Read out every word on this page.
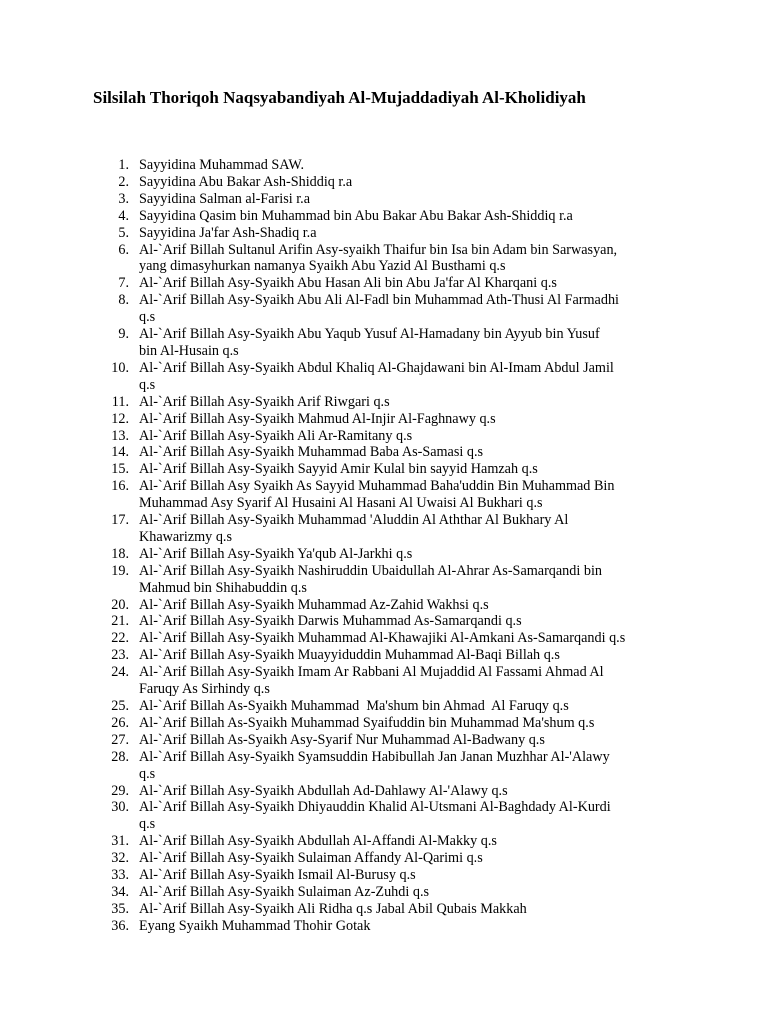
Silsilah Thoriqoh Naqsyabandiyah Al-Mujaddadiyah Al-Kholidiyah
1. Sayyidina Muhammad SAW.
2. Sayyidina Abu Bakar Ash-Shiddiq r.a
3. Sayyidina Salman al-Farisi r.a
4. Sayyidina Qasim bin Muhammad bin Abu Bakar Abu Bakar Ash-Shiddiq r.a
5. Sayyidina Ja'far Ash-Shadiq r.a
6. Al-`Arif Billah Sultanul Arifin Asy-syaikh Thaifur bin Isa bin Adam bin Sarwasyan,
yang dimasyhurkan namanya Syaikh Abu Yazid Al Busthami q.s
7. Al-`Arif Billah Asy-Syaikh Abu Hasan Ali bin Abu Ja'far Al Kharqani q.s
8. Al-`Arif Billah Asy-Syaikh Abu Ali Al-Fadl bin Muhammad Ath-Thusi Al Farmadhi
q.s
9. Al-`Arif Billah Asy-Syaikh Abu Yaqub Yusuf Al-Hamadany bin Ayyub bin Yusuf
bin Al-Husain q.s
10. Al-`Arif Billah Asy-Syaikh Abdul Khaliq Al-Ghajdawani bin Al-Imam Abdul Jamil
q.s
11. Al-`Arif Billah Asy-Syaikh Arif Riwgari q.s
12. Al-`Arif Billah Asy-Syaikh Mahmud Al-Injir Al-Faghnawy q.s
13. Al-`Arif Billah Asy-Syaikh Ali Ar-Ramitany q.s
14. Al-`Arif Billah Asy-Syaikh Muhammad Baba As-Samasi q.s
15. Al-`Arif Billah Asy-Syaikh Sayyid Amir Kulal bin sayyid Hamzah q.s
16. Al-`Arif Billah Asy Syaikh As Sayyid Muhammad Baha'uddin Bin Muhammad Bin
Muhammad Asy Syarif Al Husaini Al Hasani Al Uwaisi Al Bukhari q.s
17. Al-`Arif Billah Asy-Syaikh Muhammad 'Aluddin Al Aththar Al Bukhary Al
Khawarizmy q.s
18. Al-`Arif Billah Asy-Syaikh Ya'qub Al-Jarkhi q.s
19. Al-`Arif Billah Asy-Syaikh Nashiruddin Ubaidullah Al-Ahrar As-Samarqandi bin
Mahmud bin Shihabuddin q.s
20. Al-`Arif Billah Asy-Syaikh Muhammad Az-Zahid Wakhsi q.s
21. Al-`Arif Billah Asy-Syaikh Darwis Muhammad As-Samarqandi q.s
22. Al-`Arif Billah Asy-Syaikh Muhammad Al-Khawajiki Al-Amkani As-Samarqandi q.s
23. Al-`Arif Billah Asy-Syaikh Muayyiduddin Muhammad Al-Baqi Billah q.s
24. Al-`Arif Billah Asy-Syaikh Imam Ar Rabbani Al Mujaddid Al Fassami Ahmad Al
Faruqy As Sirhindy q.s
25. Al-`Arif Billah As-Syaikh Muhammad  Ma'shum bin Ahmad  Al Faruqy q.s
26. Al-`Arif Billah As-Syaikh Muhammad Syaifuddin bin Muhammad Ma'shum q.s
27. Al-`Arif Billah As-Syaikh Asy-Syarif Nur Muhammad Al-Badwany q.s
28. Al-`Arif Billah Asy-Syaikh Syamsuddin Habibullah Jan Janan Muzhhar Al-'Alawy
q.s
29. Al-`Arif Billah Asy-Syaikh Abdullah Ad-Dahlawy Al-'Alawy q.s
30. Al-`Arif Billah Asy-Syaikh Dhiyauddin Khalid Al-Utsmani Al-Baghdady Al-Kurdi
q.s
31. Al-`Arif Billah Asy-Syaikh Abdullah Al-Affandi Al-Makky q.s
32. Al-`Arif Billah Asy-Syaikh Sulaiman Affandy Al-Qarimi q.s
33. Al-`Arif Billah Asy-Syaikh Ismail Al-Burusy q.s
34. Al-`Arif Billah Asy-Syaikh Sulaiman Az-Zuhdi q.s
35. Al-`Arif Billah Asy-Syaikh Ali Ridha q.s Jabal Abil Qubais Makkah
36. Eyang Syaikh Muhammad Thohir Gotak
